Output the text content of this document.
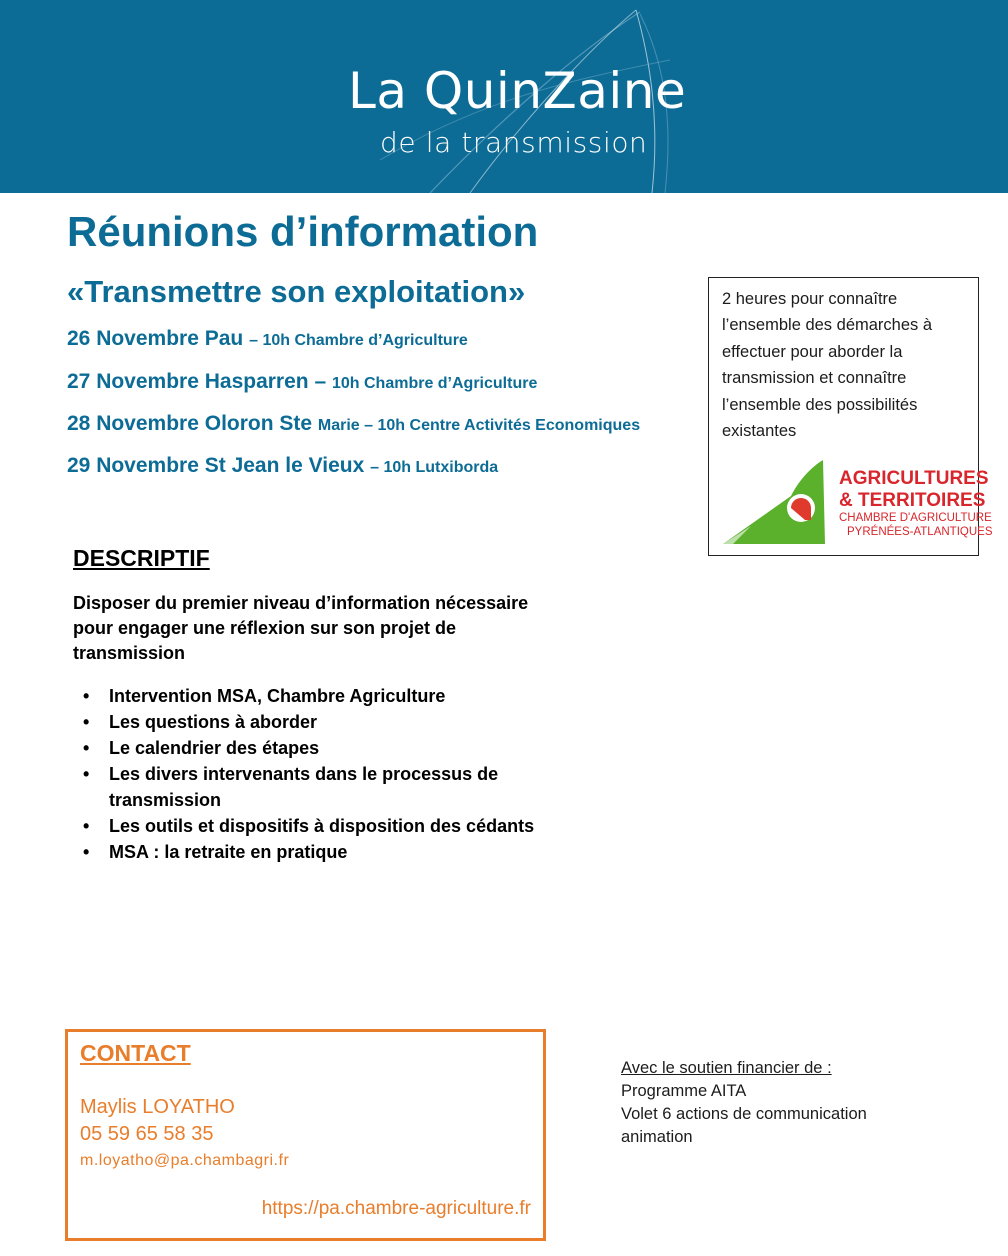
La QuinZaine
de la transmission
Réunions d’information
«Transmettre son exploitation»
26 Novembre Pau – 10h Chambre d’Agriculture
27 Novembre Hasparren – 10h Chambre d’Agriculture
28 Novembre Oloron Ste Marie – 10h Centre Activités Economiques
29 Novembre St Jean le Vieux – 10h Lutxiborda

2 heures pour connaître l’ensemble des démarches à effectuer pour aborder la transmission et connaître l’ensemble des possibilités existantes

AGRICULTURES
& TERRITOIRES
CHAMBRE D'AGRICULTURE
PYRÉNÉES-ATLANTIQUES
DESCRIPTIF

Disposer du premier niveau d’information nécessaire pour engager une réflexion sur son projet de transmission

• Intervention MSA, Chambre Agriculture
• Les questions à aborder
• Le calendrier des étapes
• Les divers intervenants dans le processus de transmission
• Les outils et dispositifs à disposition des cédants
• MSA : la retraite en pratique
CONTACT
Maylis LOYATHO
05 59 65 58 35
m.loyatho@pa.chambagri.fr
https://pa.chambre-agriculture.fr
Avec le soutien financier de :
Programme AITA
Volet 6 actions de communication animation
